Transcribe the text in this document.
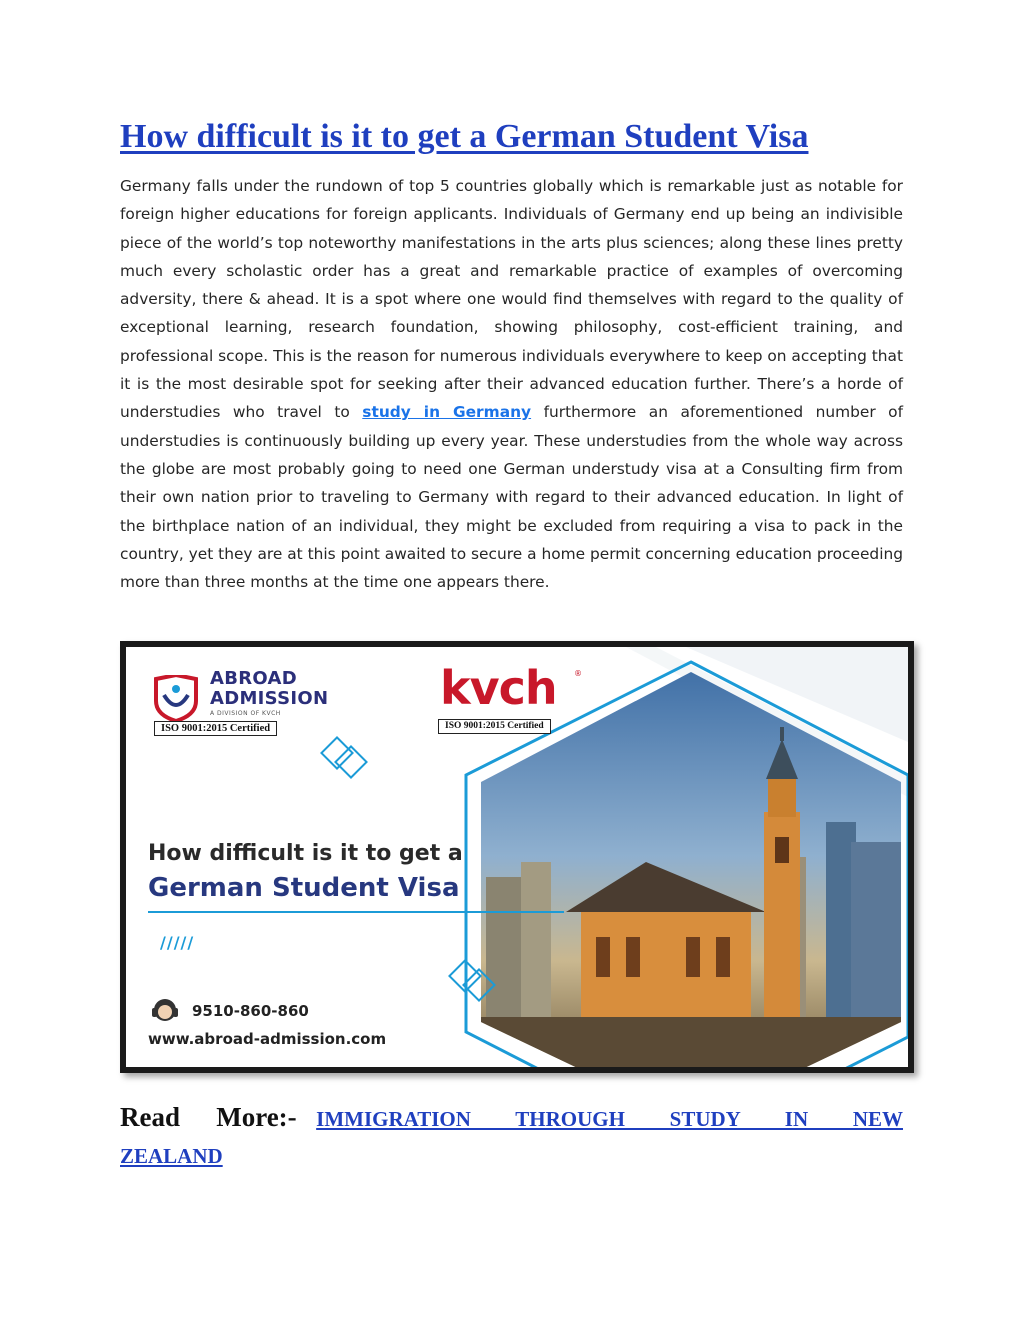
How difficult is it to get a German Student Visa

Germany falls under the rundown of top 5 countries globally which is remarkable just as notable for foreign higher educations for foreign applicants. Individuals of Germany end up being an indivisible piece of the world’s top noteworthy manifestations in the arts plus sciences; along these lines pretty much every scholastic order has a great and remarkable practice of examples of overcoming adversity, there & ahead. It is a spot where one would find themselves with regard to the quality of exceptional learning, research foundation, showing philosophy, cost-efficient training, and professional scope. This is the reason for numerous individuals everywhere to keep on accepting that it is the most desirable spot for seeking after their advanced education further. There’s a horde of understudies who travel to study in Germany furthermore an aforementioned number of understudies is continuously building up every year. These understudies from the whole way across the globe are most probably going to need one German understudy visa at a Consulting firm from their own nation prior to traveling to Germany with regard to their advanced education. In light of the birthplace nation of an individual, they might be excluded from requiring a visa to pack in the country, yet they are at this point awaited to secure a home permit concerning education proceeding more than three months at the time one appears there.

ABROAD
ADMISSION
A DIVISION OF KVCH
ISO 9001:2015 Certified
kvch ®
ISO 9001:2015 Certified
How difficult is it to get a
German Student Visa
/////
9510-860-860
www.abroad-admission.com

Read More:- IMMIGRATION THROUGH STUDY IN NEW ZEALAND
